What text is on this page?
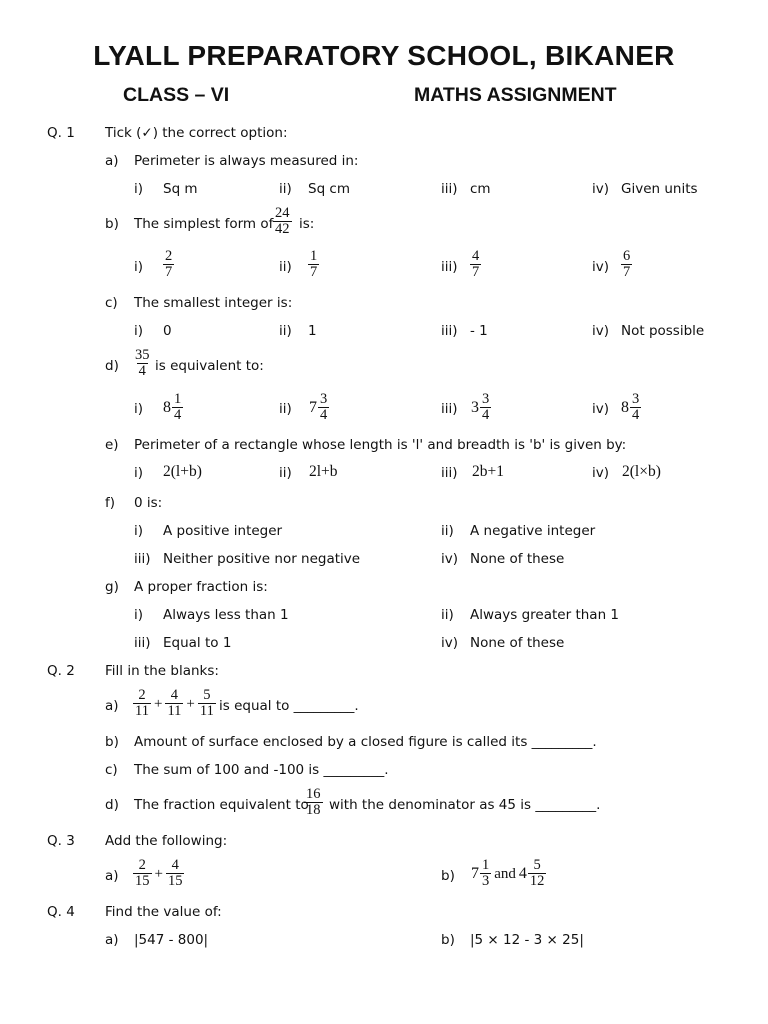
LYALL PREPARATORY SCHOOL, BIKANER
CLASS – VI	MATHS ASSIGNMENT
Q. 1 Tick (✓) the correct option:
a) Perimeter is always measured in:
i) Sq m	ii) Sq cm	iii) cm	iv) Given units
b) The simplest form of $\frac{24}{42}$ is:
$i) \frac{2}{7}$	$ii) \frac{1}{7}$	$iii) \frac{4}{7}$	$iv) \frac{6}{7}$
c) The smallest integer is:
i) 0	ii) 1	iii) - 1	iv) Not possible
$d) \frac{35}{4}$ is equivalent to:
i) $8 \frac{1}{4}$	ii) $7 \frac{3}{4}$	iii) $3 \frac{3}{4}$	iv) $8 \frac{3}{4}$
e) Perimeter of a rectangle whose length is 'l' and breadth is 'b' is given by:
i) 2(l+b)	ii) 2l+b	iii) 2b+1	iv) 2(l×b)
f) 0 is:
i) A positive integer	ii) A negative integer
iii) Neither positive nor negative	iv) None of these
g) A proper fraction is:
i) Always less than 1	ii) Always greater than 1
iii) Equal to 1	iv) None of these
Q. 2 Fill in the blanks:
$a) \frac{2}{11} + \frac{4}{11} + \frac{5}{11}$ is equal to _________.
b) Amount of surface enclosed by a closed figure is called its _________.
c) The sum of 100 and -100 is _________.
d) The fraction equivalent to
$\frac{16}{18}$ with the denominator as 45 is _________.
Q. 3 Add the following:
$a) \frac{2}{15} + \frac{4}{15}$	b) $7 \frac{1}{3}$ and $4 \frac{5}{12}$
Q. 4 Find the value of:
a) |547 - 800|	b) |5 × 12 - 3 × 25|
